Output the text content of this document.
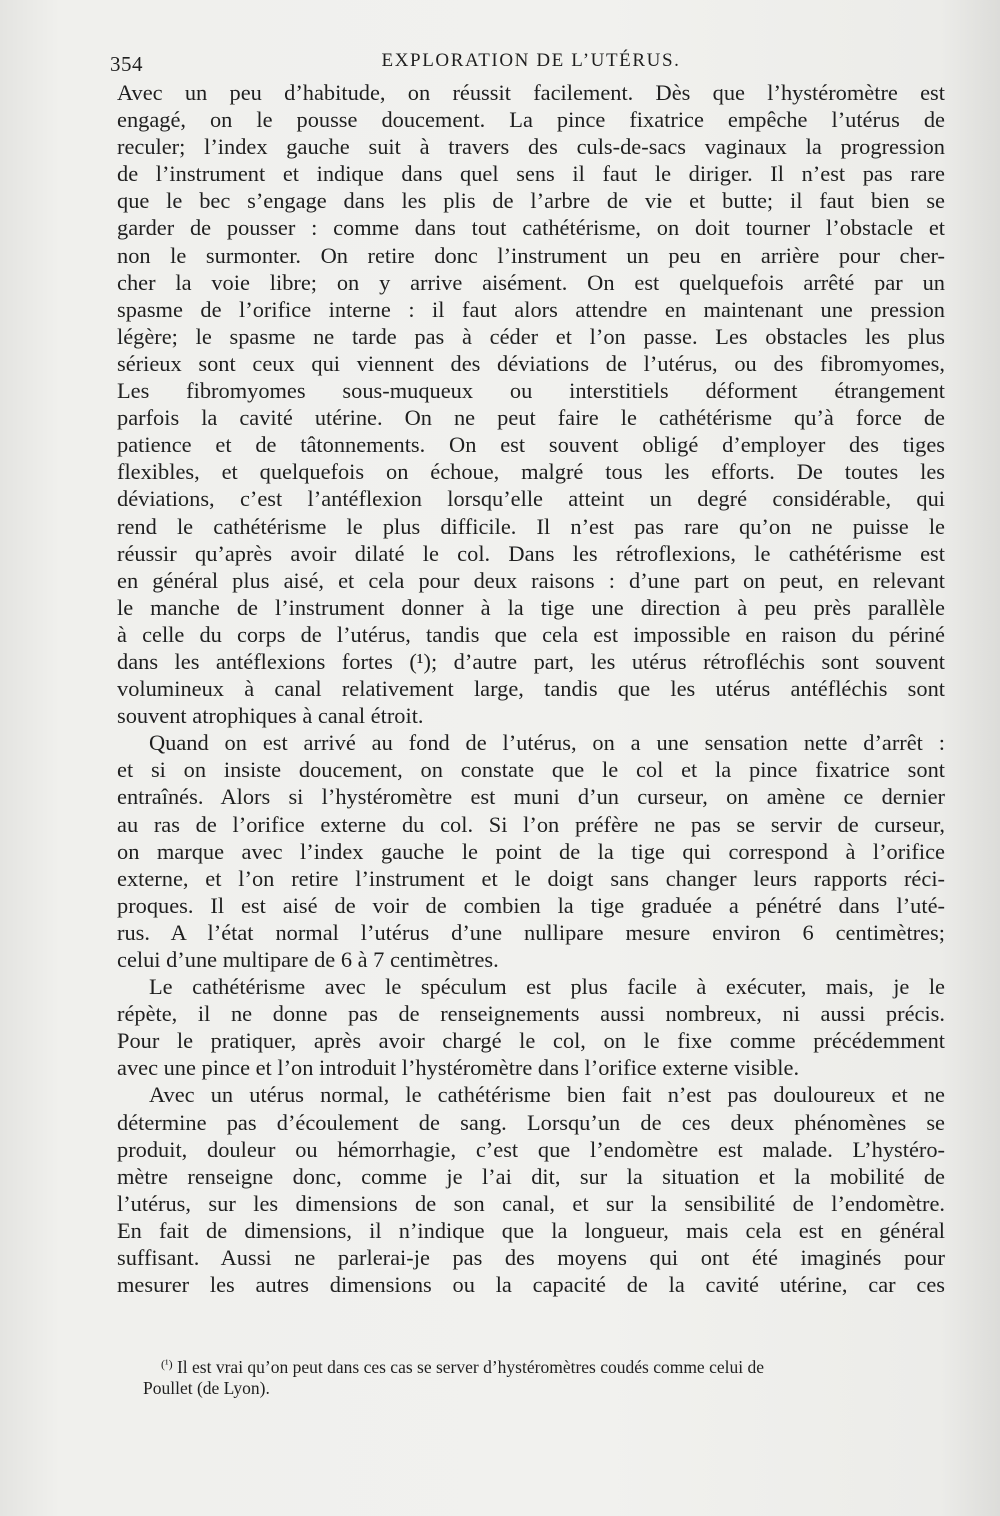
354	EXPLORATION DE L’UTÉRUS.
Avec un peu d’habitude, on réussit facilement. Dès que l’hystéromètre est
engagé, on le pousse doucement. La pince fixatrice empêche l’utérus de
reculer; l’index gauche suit à travers des culs-de-sacs vaginaux la progression
de l’instrument et indique dans quel sens il faut le diriger. Il n’est pas rare
que le bec s’engage dans les plis de l’arbre de vie et butte; il faut bien se
garder de pousser : comme dans tout cathétérisme, on doit tourner l’obstacle et
non le surmonter. On retire donc l’instrument un peu en arrière pour cher-
cher la voie libre; on y arrive aisément. On est quelquefois arrêté par un
spasme de l’orifice interne : il faut alors attendre en maintenant une pression
légère; le spasme ne tarde pas à céder et l’on passe. Les obstacles les plus
sérieux sont ceux qui viennent des déviations de l’utérus, ou des fibromyomes,
Les fibromyomes sous-muqueux ou interstitiels déforment étrangement
parfois la cavité utérine. On ne peut faire le cathétérisme qu’à force de
patience et de tâtonnements. On est souvent obligé d’employer des tiges
flexibles, et quelquefois on échoue, malgré tous les efforts. De toutes les
déviations, c’est l’antéflexion lorsqu’elle atteint un degré considérable, qui
rend le cathétérisme le plus difficile. Il n’est pas rare qu’on ne puisse le
réussir qu’après avoir dilaté le col. Dans les rétroflexions, le cathétérisme est
en général plus aisé, et cela pour deux raisons : d’une part on peut, en relevant
le manche de l’instrument donner à la tige une direction à peu près parallèle
à celle du corps de l’utérus, tandis que cela est impossible en raison du périné
dans les antéflexions fortes (¹); d’autre part, les utérus rétrofléchis sont souvent
volumineux à canal relativement large, tandis que les utérus antéfléchis sont
souvent atrophiques à canal étroit.
Quand on est arrivé au fond de l’utérus, on a une sensation nette d’arrêt :
et si on insiste doucement, on constate que le col et la pince fixatrice sont
entraînés. Alors si l’hystéromètre est muni d’un curseur, on amène ce dernier
au ras de l’orifice externe du col. Si l’on préfère ne pas se servir de curseur,
on marque avec l’index gauche le point de la tige qui correspond à l’orifice
externe, et l’on retire l’instrument et le doigt sans changer leurs rapports réci-
proques. Il est aisé de voir de combien la tige graduée a pénétré dans l’uté-
rus. A l’état normal l’utérus d’une nullipare mesure environ 6 centimètres;
celui d’une multipare de 6 à 7 centimètres.
Le cathétérisme avec le spéculum est plus facile à exécuter, mais, je le
répète, il ne donne pas de renseignements aussi nombreux, ni aussi précis.
Pour le pratiquer, après avoir chargé le col, on le fixe comme précédemment
avec une pince et l’on introduit l’hystéromètre dans l’orifice externe visible.
Avec un utérus normal, le cathétérisme bien fait n’est pas douloureux et ne
détermine pas d’écoulement de sang. Lorsqu’un de ces deux phénomènes se
produit, douleur ou hémorrhagie, c’est que l’endomètre est malade. L’hystéro-
mètre renseigne donc, comme je l’ai dit, sur la situation et la mobilité de
l’utérus, sur les dimensions de son canal, et sur la sensibilité de l’endomètre.
En fait de dimensions, il n’indique que la longueur, mais cela est en général
suffisant. Aussi ne parlerai-je pas des moyens qui ont été imaginés pour
mesurer les autres dimensions ou la capacité de la cavité utérine, car ces
$^{(^1)}$ Il est vrai qu’on peut dans ces cas se server d’hystéromètres coudés comme celui de
Poullet (de Lyon).
